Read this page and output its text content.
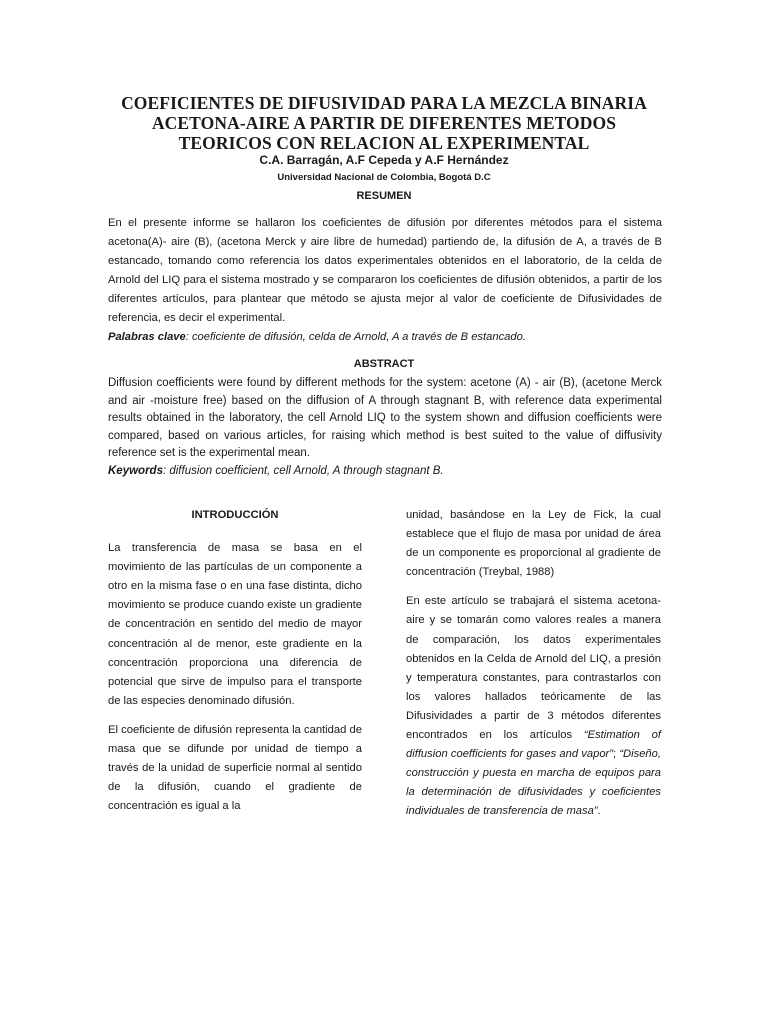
COEFICIENTES DE DIFUSIVIDAD PARA LA MEZCLA BINARIA
ACETONA-AIRE A PARTIR DE DIFERENTES METODOS
TEORICOS CON RELACION AL EXPERIMENTAL
C.A. Barragán, A.F Cepeda y A.F Hernández
Universidad Nacional de Colombia, Bogotá D.C
RESUMEN

En el presente informe se hallaron los coeficientes de difusión por diferentes métodos para el sistema acetona(A)- aire (B), (acetona Merck y aire libre de humedad) partiendo de, la difusión de A, a través de B estancado, tomando como referencia los datos experimentales obtenidos en el laboratorio, de la celda de Arnold del LIQ para el sistema mostrado y se compararon los coeficientes de difusión obtenidos, a partir de los diferentes artículos, para plantear que método se ajusta mejor al valor de coeficiente de Difusividades de referencia, es decir el experimental.

Palabras clave: coeficiente de difusión, celda de Arnold, A a través de B estancado.

ABSTRACT

Diffusion coefficients were found by different methods for the system: acetone (A) - air (B), (acetone Merck and air -moisture free) based on the diffusion of A through stagnant B, with reference data experimental results obtained in the laboratory, the cell Arnold LIQ to the system shown and diffusion coefficients were compared, based on various articles, for raising which method is best suited to the value of diffusivity reference set is the experimental mean.

Keywords: diffusion coefficient, cell Arnold, A through stagnant B.

INTRODUCCIÓN

La transferencia de masa se basa en el movimiento de las partículas de un componente a otro en la misma fase o en una fase distinta, dicho movimiento se produce cuando existe un gradiente de concentración en sentido del medio de mayor concentración al de menor, este gradiente en la concentración proporciona una diferencia de potencial que sirve de impulso para el transporte de las especies denominado difusión.

El coeficiente de difusión representa la cantidad de masa que se difunde por unidad de tiempo a través de la unidad de superficie normal al sentido de la difusión, cuando el gradiente de concentración es igual a la

unidad, basándose en la Ley de Fick, la cual establece que el flujo de masa por unidad de área de un componente es proporcional al gradiente de concentración (Treybal, 1988)

En este artículo se trabajará el sistema acetona-aire y se tomarán como valores reales a manera de comparación, los datos experimentales obtenidos en la Celda de Arnold del LIQ, a presión y temperatura constantes, para contrastarlos con los valores hallados teóricamente de las Difusividades a partir de 3 métodos diferentes encontrados en los artículos “Estimation of diffusion coefficients for gases and vapor”; “Diseño, construcción y puesta en marcha de equipos para la determinación de difusividades y coeficientes individuales de transferencia de masa”.
